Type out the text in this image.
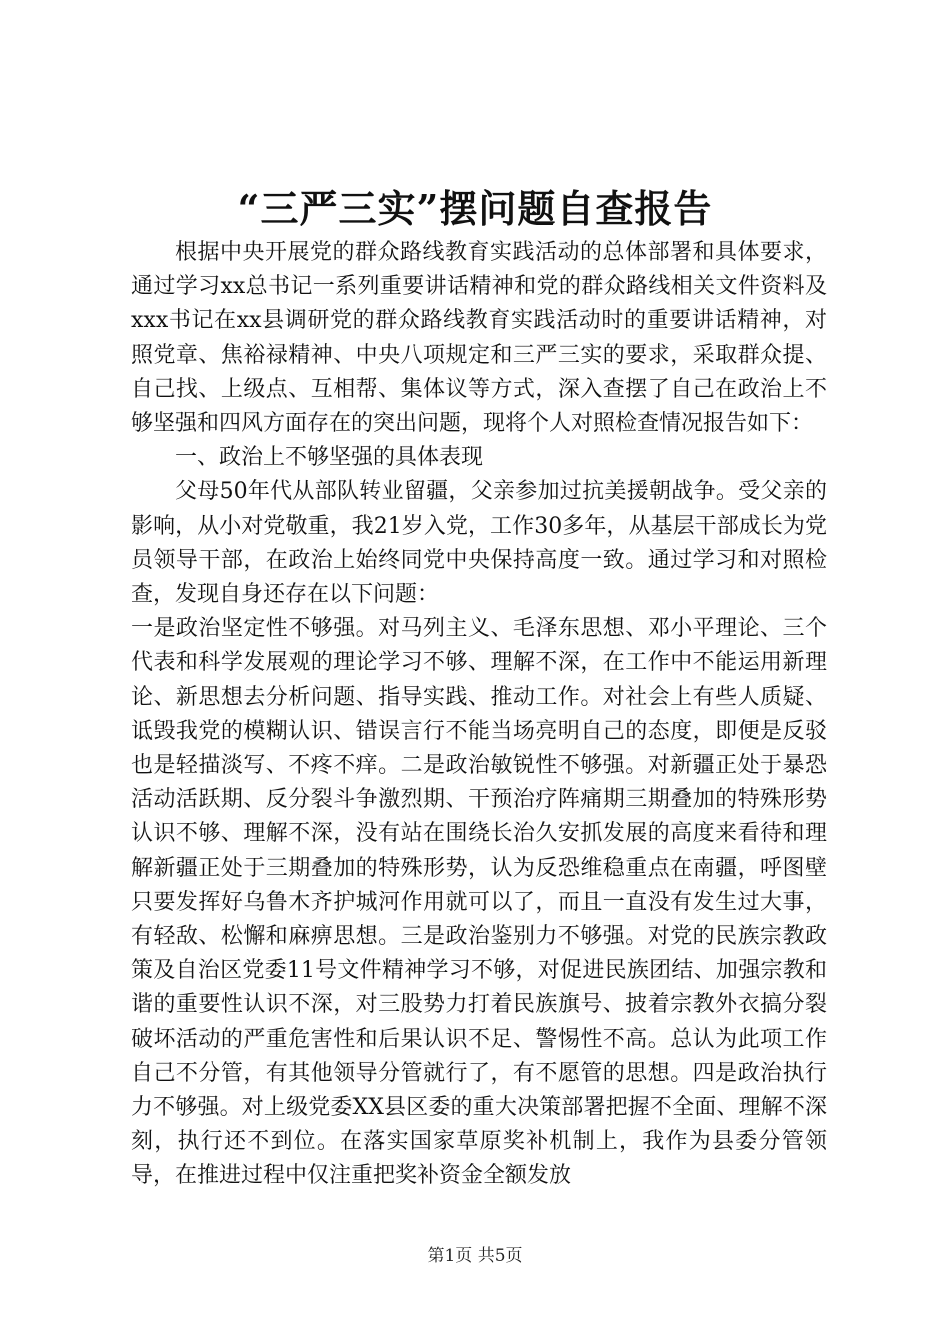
“三严三实”摆问题自查报告

根据中央开展党的群众路线教育实践活动的总体部署和具体要求，通过学习xx总书记一系列重要讲话精神和党的群众路线相关文件资料及xxx书记在xx县调研党的群众路线教育实践活动时的重要讲话精神，对照党章、焦裕禄精神、中央八项规定和三严三实的要求，采取群众提、自己找、上级点、互相帮、集体议等方式，深入查摆了自己在政治上不够坚强和四风方面存在的突出问题，现将个人对照检查情况报告如下：

一、政治上不够坚强的具体表现

父母50年代从部队转业留疆，父亲参加过抗美援朝战争。受父亲的影响，从小对党敬重，我21岁入党，工作30多年，从基层干部成长为党员领导干部，在政治上始终同党中央保持高度一致。通过学习和对照检查，发现自身还存在以下问题：

一是政治坚定性不够强。对马列主义、毛泽东思想、邓小平理论、三个代表和科学发展观的理论学习不够、理解不深，在工作中不能运用新理论、新思想去分析问题、指导实践、推动工作。对社会上有些人质疑、诋毁我党的模糊认识、错误言行不能当场亮明自己的态度，即便是反驳也是轻描淡写、不疼不痒。二是政治敏锐性不够强。对新疆正处于暴恐活动活跃期、反分裂斗争激烈期、干预治疗阵痛期三期叠加的特殊形势认识不够、理解不深，没有站在围绕长治久安抓发展的高度来看待和理解新疆正处于三期叠加的特殊形势，认为反恐维稳重点在南疆，呼图壁只要发挥好乌鲁木齐护城河作用就可以了，而且一直没有发生过大事，有轻敌、松懈和麻痹思想。三是政治鉴别力不够强。对党的民族宗教政策及自治区党委11号文件精神学习不够，对促进民族团结、加强宗教和谐的重要性认识不深，对三股势力打着民族旗号、披着宗教外衣搞分裂破坏活动的严重危害性和后果认识不足、警惕性不高。总认为此项工作自己不分管，有其他领导分管就行了，有不愿管的思想。四是政治执行力不够强。对上级党委XX县区委的重大决策部署把握不全面、理解不深刻，执行还不到位。在落实国家草原奖补机制上，我作为县委分管领导，在推进过程中仅注重把奖补资金全额发放

第1页 共5页
